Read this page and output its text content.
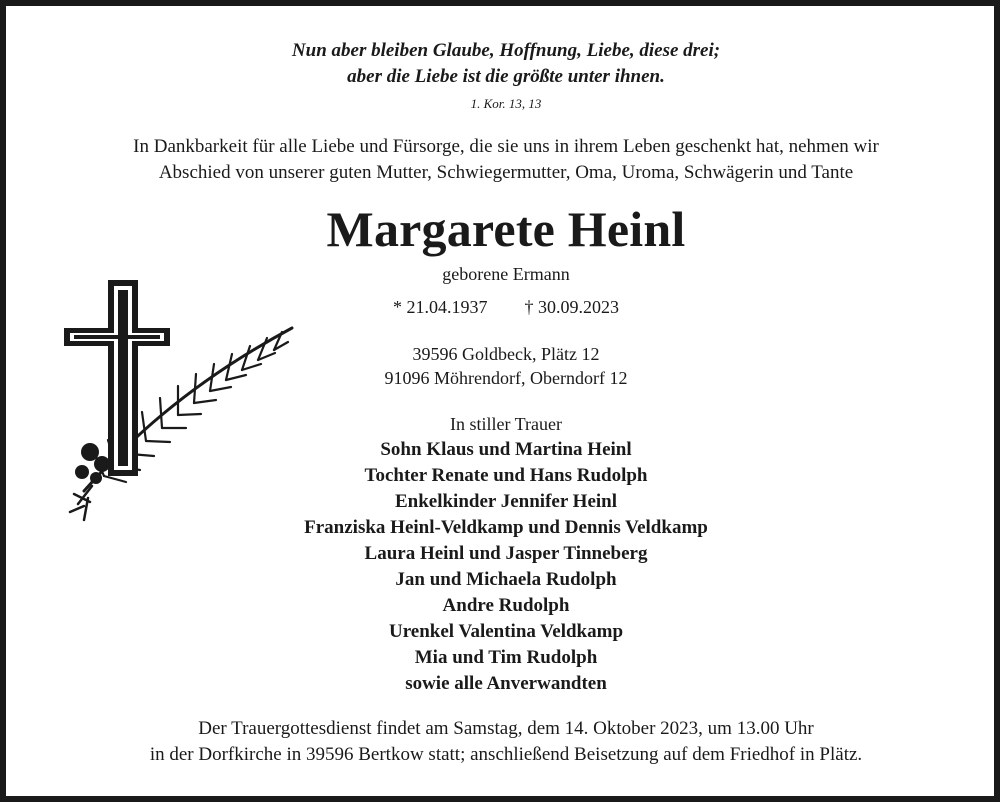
Nun aber bleiben Glaube, Hoffnung, Liebe, diese drei;
aber die Liebe ist die größte unter ihnen.
1. Kor. 13, 13
In Dankbarkeit für alle Liebe und Fürsorge, die sie uns in ihrem Leben geschenkt hat, nehmen wir
Abschied von unserer guten Mutter, Schwiegermutter, Oma, Uroma, Schwägerin und Tante
Margarete Heinl
geborene Ermann
* 21.04.1937 † 30.09.2023
39596 Goldbeck, Plätz 12
91096 Möhrendorf, Oberndorf 12
In stiller Trauer
Sohn Klaus und Martina Heinl
Tochter Renate und Hans Rudolph
Enkelkinder Jennifer Heinl
Franziska Heinl-Veldkamp und Dennis Veldkamp
Laura Heinl und Jasper Tinneberg
Jan und Michaela Rudolph
Andre Rudolph
Urenkel Valentina Veldkamp
Mia und Tim Rudolph
sowie alle Anverwandten
Der Trauergottesdienst findet am Samstag, dem 14. Oktober 2023, um 13.00 Uhr
in der Dorfkirche in 39596 Bertkow statt; anschließend Beisetzung auf dem Friedhof in Plätz.
